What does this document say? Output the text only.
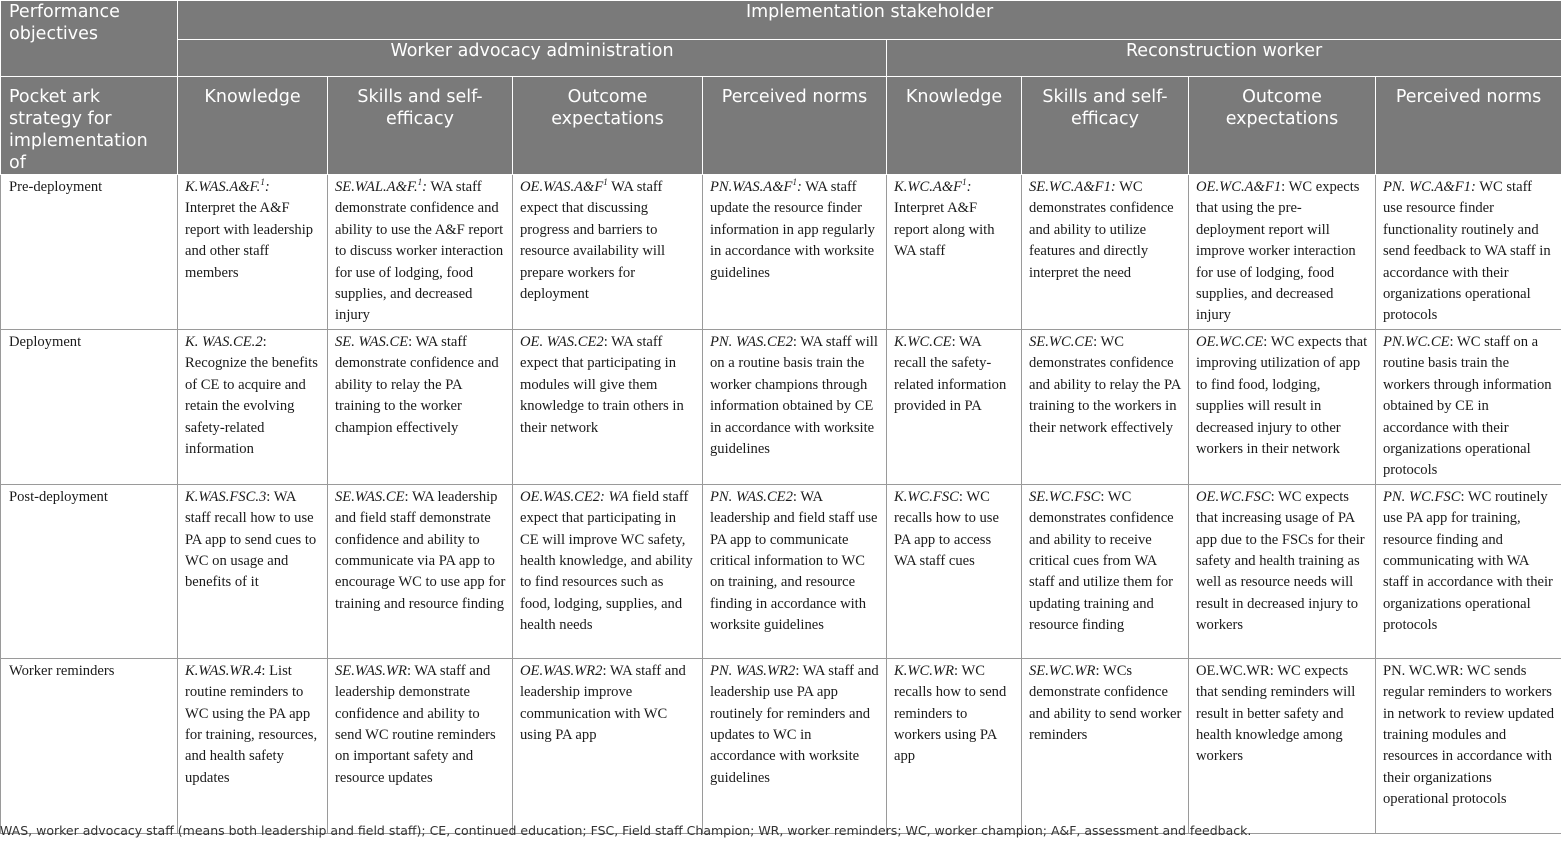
Performance objectives	Implementation stakeholder							
	Worker advocacy administration				Reconstruction worker			
Pocket ark strategy for implementation of	Knowledge	Skills and self-efficacy	Outcome expectations	Perceived norms	Knowledge	Skills and self-efficacy	Outcome expectations	Perceived norms
Pre-deployment	K.WAS.A&F.$^1$: Interpret the A&F report with leadership and other staff members	SE.WAL.A&F.$^1$: WA staff demonstrate confidence and ability to use the A&F report to discuss worker interaction for use of lodging, food supplies, and decreased injury	$OE.WAS.A\&F^1$ WA staff expect that discussing progress and barriers to resource availability will prepare workers for deployment	$PN.WAS.A\&F^1$: WA staff update the resource finder information in app regularly in accordance with worksite guidelines	$K.WC.A\&F^1$: Interpret A&F report along with WA staff	SE.WC.A&F1: WC demonstrates confidence and ability to utilize features and directly interpret the need	OE.WC.A&F1: WC expects that using the pre-deployment report will improve worker interaction for use of lodging, food supplies, and decreased injury	PN. WC.A&F1: WC staff use resource finder functionality routinely and send feedback to WA staff in accordance with their organizations operational protocols
Deployment	K. WAS.CE.2: Recognize the benefits of CE to acquire and retain the evolving safety-related information	SE. WAS.CE: WA staff demonstrate confidence and ability to relay the PA training to the worker champion effectively	OE. WAS.CE2: WA staff expect that participating in modules will give them knowledge to train others in their network	PN. WAS.CE2: WA staff will on a routine basis train the worker champions through information obtained by CE in accordance with worksite guidelines	K.WC.CE: WA recall the safety-related information provided in PA	SE.WC.CE: WC demonstrates confidence and ability to relay the PA training to the workers in their network effectively	OE.WC.CE: WC expects that improving utilization of app to find food, lodging, supplies will result in decreased injury to other workers in their network	PN.WC.CE: WC staff on a routine basis train the workers through information obtained by CE in accordance with their organizations operational protocols
Post-deployment	K.WAS.FSC.3: WA staff recall how to use PA app to send cues to WC on usage and benefits of it	SE.WAS.CE: WA leadership and field staff demonstrate confidence and ability to communicate via PA app to encourage WC to use app for training and resource finding	OE.WAS.CE2: WA field staff expect that participating in CE will improve WC safety, health knowledge, and ability to find resources such as food, lodging, supplies, and health needs	PN. WAS.CE2: WA leadership and field staff use PA app to communicate critical information to WC on training, and resource finding in accordance with worksite guidelines	K.WC.FSC: WC recalls how to use PA app to access WA staff cues	SE.WC.FSC: WC demonstrates confidence and ability to receive critical cues from WA staff and utilize them for updating training and resource finding	OE.WC.FSC: WC expects that increasing usage of PA app due to the FSCs for their safety and health training as well as resource needs will result in decreased injury to workers	PN. WC.FSC: WC routinely use PA app for training, resource finding and communicating with WA staff in accordance with their organizations operational protocols
Worker reminders	K.WAS.WR.4: List routine reminders to WC using the PA app for training, resources, and health safety updates	SE.WAS.WR: WA staff and leadership demonstrate confidence and ability to send WC routine reminders on important safety and resource updates	OE.WAS.WR2: WA staff and leadership improve communication with WC using PA app	PN. WAS.WR2: WA staff and leadership use PA app routinely for reminders and updates to WC in accordance with worksite guidelines	K.WC.WR: WC recalls how to send reminders to workers using PA app	SE.WC.WR: WCs demonstrate confidence and ability to send worker reminders	OE.WC.WR: WC expects that sending reminders will result in better safety and health knowledge among workers	PN. WC.WR: WC sends regular reminders to workers in network to review updated training modules and resources in accordance with their organizations operational protocols
WAS, worker advocacy staff (means both leadership and field staff); CE, continued education; FSC, Field staff Champion; WR, worker reminders; WC, worker champion; A&F, assessment and feedback.
